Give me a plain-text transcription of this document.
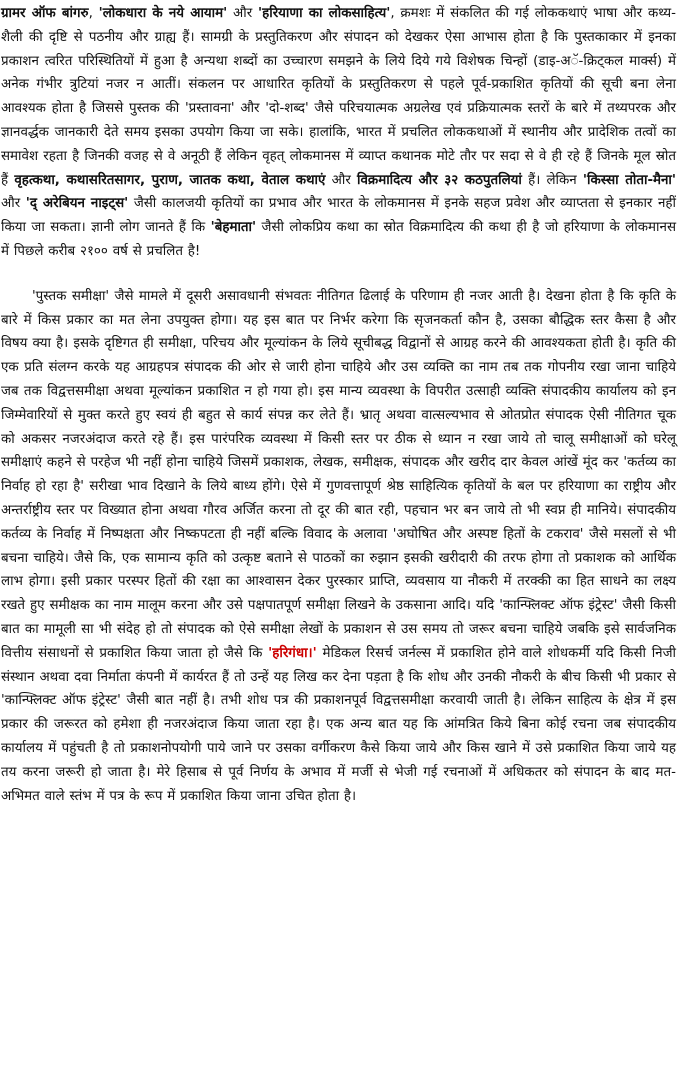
ग्रामर ऑफ बांगरु, 'लोकधारा के नये आयाम' और 'हरियाणा का लोकसाहित्य', क्रमशः में संकलित की गई लोककथाएं भाषा और कथ्य-शैली की दृष्टि से पठनीय और ग्राह्य हैं। सामग्री के प्रस्तुतिकरण और संपादन को देखकर ऐसा आभास होता है कि पुस्तकाकार में इनका प्रकाशन त्वरित परिस्थितियों में हुआ है अन्यथा शब्दों का उच्चारण समझने के लिये दिये गये विशेषक चिन्हों (डाइ-अॅ-क्रिट्कल मार्क्स) में अनेक गंभीर त्रुटियां नजर न आतीं। संकलन पर आधारित कृतियों के प्रस्तुतिकरण से पहले पूर्व-प्रकाशित कृतियों की सूची बना लेना आवश्यक होता है जिससे पुस्तक की 'प्रस्तावना' और 'दो-शब्द' जैसे परिचयात्मक अग्रलेख एवं प्रक्रियात्मक स्तरों के बारे में तथ्यपरक और ज्ञानवर्द्धक जानकारी देते समय इसका उपयोग किया जा सके। हालांकि, भारत में प्रचलित लोककथाओं में स्थानीय और प्रादेशिक तत्वों का समावेश रहता है जिनकी वजह से वे अनूठी हैं लेकिन वृहत् लोकमानस में व्याप्त कथानक मोटे तौर पर सदा से वे ही रहे हैं जिनके मूल स्रोत हैं वृहत्कथा, कथासरितसागर, पुराण, जातक कथा, वेताल कथाएं और विक्रमादित्य और ३२ कठपुतलियां हैं। लेकिन 'किस्सा तोता-मैना' और 'द् अरेबियन नाइट्स' जैसी कालजयी कृतियों का प्रभाव और भारत के लोकमानस में इनके सहज प्रवेश और व्याप्तता से इनकार नहीं किया जा सकता। ज्ञानी लोग जानते हैं कि 'बेहमाता' जैसी लोकप्रिय कथा का स्रोत विक्रमादित्य की कथा ही है जो हरियाणा के लोकमानस में पिछले करीब २१०० वर्ष से प्रचलित है!

'पुस्तक समीक्षा' जैसे मामले में दूसरी असावधानी संभवतः नीतिगत ढिलाई के परिणाम ही नजर आती है। देखना होता है कि कृति के बारे में किस प्रकार का मत लेना उपयुक्त होगा। यह इस बात पर निर्भर करेगा कि सृजनकर्ता कौन है, उसका बौद्धिक स्तर कैसा है और विषय क्या है। इसके दृष्टिगत ही समीक्षा, परिचय और मूल्यांकन के लिये सूचीबद्ध विद्वानों से आग्रह करने की आवश्यकता होती है। कृति की एक प्रति संलग्न करके यह आग्रहपत्र संपादक की ओर से जारी होना चाहिये और उस व्यक्ति का नाम तब तक गोपनीय रखा जाना चाहिये जब तक विद्वत्तसमीक्षा अथवा मूल्यांकन प्रकाशित न हो गया हो। इस मान्य व्यवस्था के विपरीत उत्साही व्यक्ति संपादकीय कार्यालय को इन जिम्मेवारियों से मुक्त करते हुए स्वयं ही बहुत से कार्य संपन्न कर लेते हैं। भ्रातृ अथवा वात्सल्यभाव से ओतप्रोत संपादक ऐसी नीतिगत चूक को अकसर नजरअंदाज करते रहे हैं। इस पारंपरिक व्यवस्था में किसी स्तर पर ठीक से ध्यान न रखा जाये तो चालू समीक्षाओं को घरेलू समीक्षाएं कहने से परहेज भी नहीं होना चाहिये जिसमें प्रकाशक, लेखक, समीक्षक, संपादक और खरीद दार केवल आंखें मूंद कर 'कर्तव्य का निर्वाह हो रहा है' सरीखा भाव दिखाने के लिये बाध्य होंगे। ऐसे में गुणवत्तापूर्ण श्रेष्ठ साहित्यिक कृतियों के बल पर हरियाणा का राष्ट्रीय और अन्तर्राष्ट्रीय स्तर पर विख्यात होना अथवा गौरव अर्जित करना तो दूर की बात रही, पहचान भर बन जाये तो भी स्वप्न ही मानिये। संपादकीय कर्तव्य के निर्वाह में निष्पक्षता और निष्कपटता ही नहीं बल्कि विवाद के अलावा 'अघोषित और अस्पष्ट हितों के टकराव' जैसे मसलों से भी बचना चाहिये। जैसे कि, एक सामान्य कृति को उत्कृष्ट बताने से पाठकों का रुझान इसकी खरीदारी की तरफ होगा तो प्रकाशक को आर्थिक लाभ होगा। इसी प्रकार परस्पर हितों की रक्षा का आश्वासन देकर पुरस्कार प्राप्ति, व्यवसाय या नौकरी में तरक्की का हित साधने का लक्ष्य रखते हुए समीक्षक का नाम मालूम करना और उसे पक्षपातपूर्ण समीक्षा लिखने के उकसाना आदि। यदि 'कान्फ्लिक्ट ऑफ इंट्रेस्ट' जैसी किसी बात का मामूली सा भी संदेह हो तो संपादक को ऐसे समीक्षा लेखों के प्रकाशन से उस समय तो जरूर बचना चाहिये जबकि इसे सार्वजनिक वित्तीय संसाधनों से प्रकाशित किया जाता हो जैसे कि 'हरिगंधा।' मेडिकल रिसर्च जर्नल्स में प्रकाशित होने वाले शोधकर्मी यदि किसी निजी संस्थान अथवा दवा निर्माता कंपनी में कार्यरत हैं तो उन्हें यह लिख कर देना पड़ता है कि शोध और उनकी नौकरी के बीच किसी भी प्रकार से 'कान्फ्लिक्ट ऑफ इंट्रेस्ट' जैसी बात नहीं है। तभी शोध पत्र की प्रकाशनपूर्व विद्वत्तसमीक्षा करवायी जाती है। लेकिन साहित्य के क्षेत्र में इस प्रकार की जरूरत को हमेशा ही नजरअंदाज किया जाता रहा है। एक अन्य बात यह कि आंमत्रित किये बिना कोई रचना जब संपादकीय कार्यालय में पहुंचती है तो प्रकाशनोपयोगी पाये जाने पर उसका वर्गीकरण कैसे किया जाये और किस खाने में उसे प्रकाशित किया जाये यह तय करना जरूरी हो जाता है। मेरे हिसाब से पूर्व निर्णय के अभाव में मर्जी से भेजी गई रचनाओं में अधिकतर को संपादन के बाद मत-अभिमत वाले स्तंभ में पत्र के रूप में प्रकाशित किया जाना उचित होता है।
